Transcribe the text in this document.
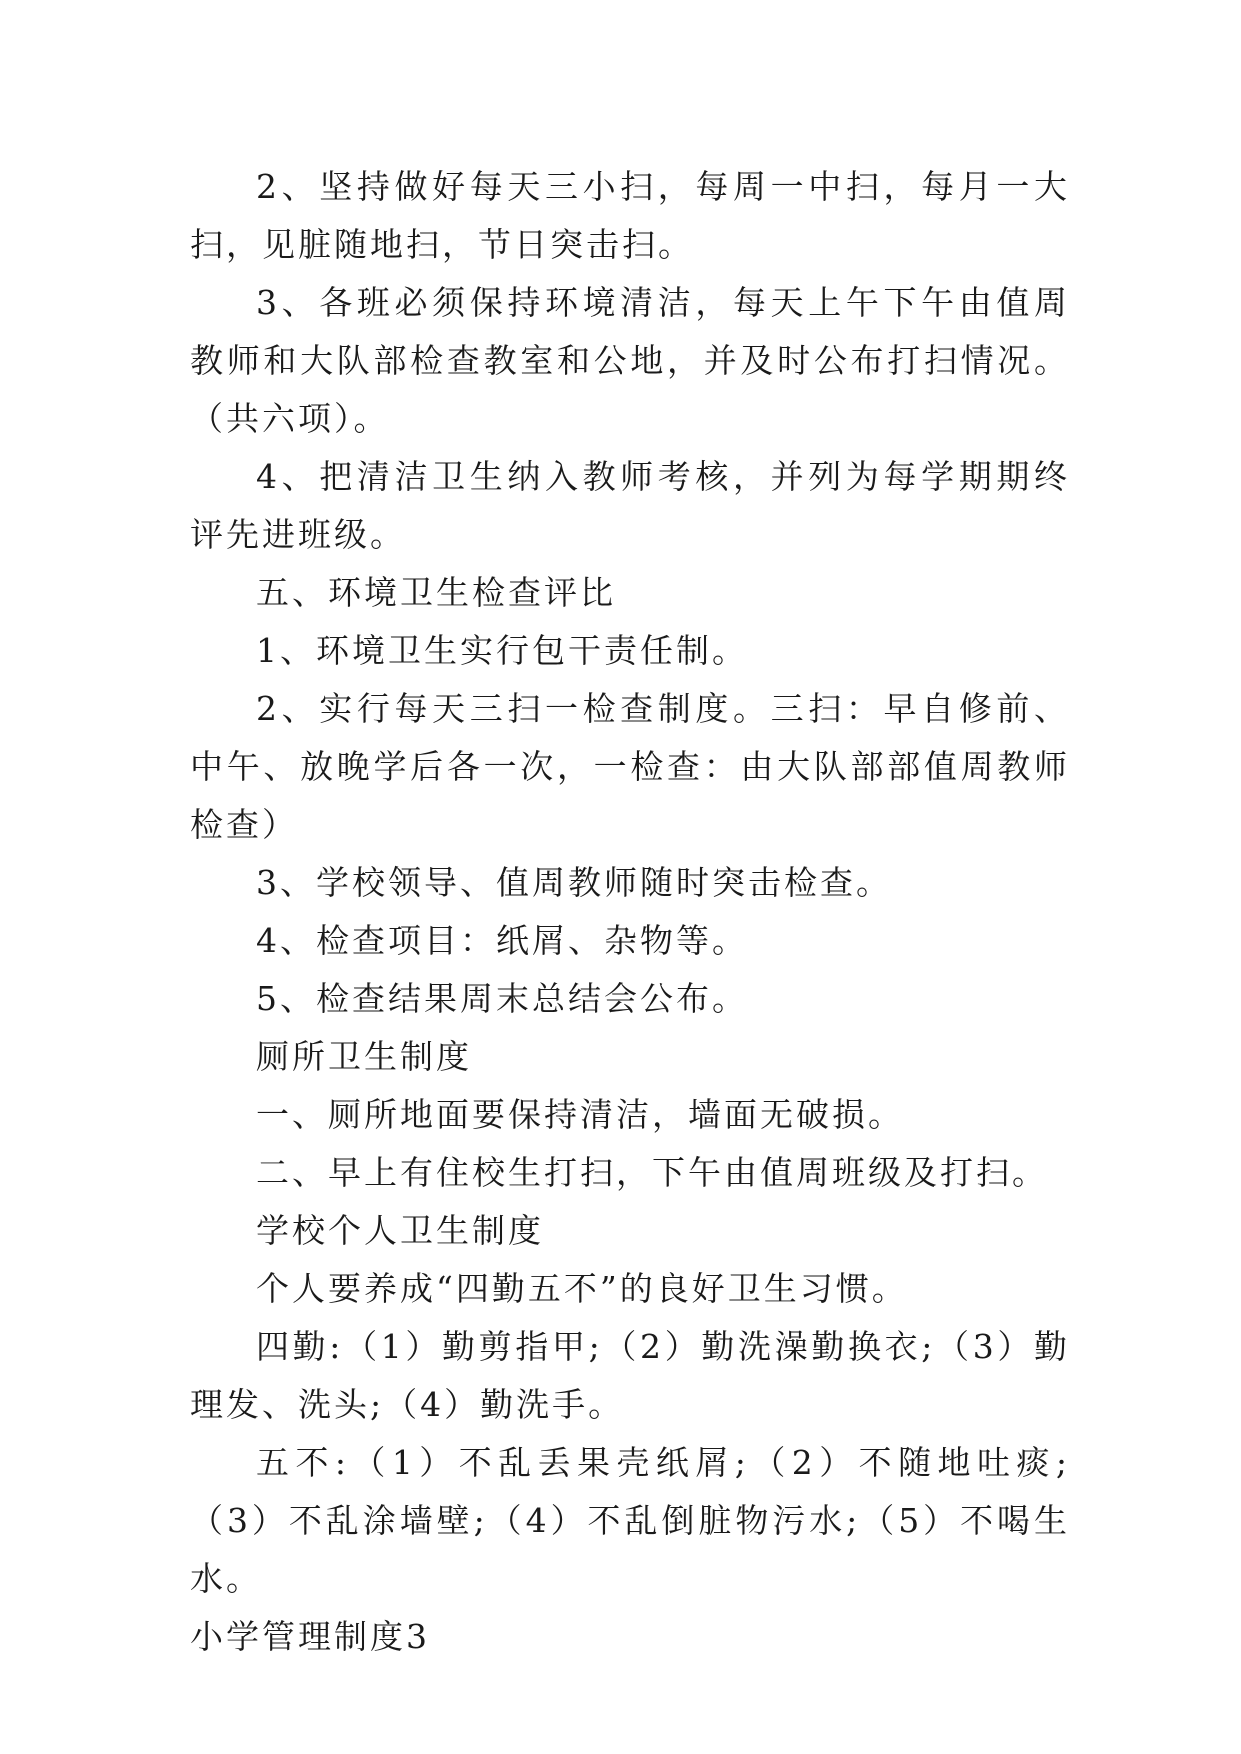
2、坚持做好每天三小扫，每周一中扫，每月一大扫，见脏随地扫，节日突击扫。

3、各班必须保持环境清洁，每天上午下午由值周教师和大队部检查教室和公地，并及时公布打扫情况。（共六项）。

4、把清洁卫生纳入教师考核，并列为每学期期终评先进班级。

五、环境卫生检查评比

1、环境卫生实行包干责任制。

2、实行每天三扫一检查制度。三扫：早自修前、中午、放晚学后各一次，一检查：由大队部部值周教师检查）

3、学校领导、值周教师随时突击检查。

4、检查项目：纸屑、杂物等。

5、检查结果周末总结会公布。

厕所卫生制度

一、厕所地面要保持清洁，墙面无破损。

二、早上有住校生打扫，下午由值周班级及打扫。

学校个人卫生制度

个人要养成“四勤五不”的良好卫生习惯。

四勤:（1）勤剪指甲;（2）勤洗澡勤换衣;（3）勤理发、洗头;（4）勤洗手。

五不:（1）不乱丢果壳纸屑;（2）不随地吐痰;（3）不乱涂墙壁;（4）不乱倒脏物污水;（5）不喝生水。

小学管理制度3
